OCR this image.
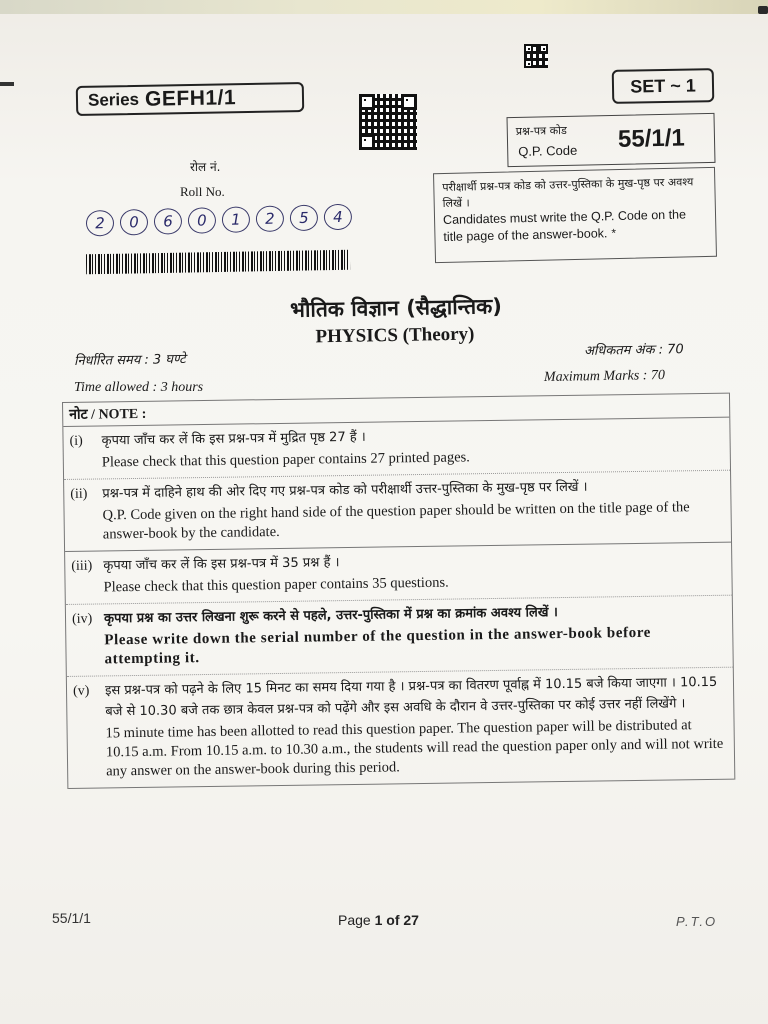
Series GEFH1/1
SET ~ 1
प्रश्न-पत्र कोड
Q.P. Code 55/1/1
परीक्षार्थी प्रश्न-पत्र कोड को उत्तर-पुस्तिका के मुख-पृष्ठ पर अवश्य लिखें ।
Candidates must write the Q.P. Code on the title page of the answer-book. *
रोल नं.
Roll No.
2	0	6	0	1	2	5	4
भौतिक विज्ञान (सैद्धान्तिक)
PHYSICS (Theory)
निर्धारित समय : 3 घण्टे
Time allowed : 3 hours
अधिकतम अंक : 70
Maximum Marks : 70
नोट / NOTE :
(i) कृपया जाँच कर लें कि इस प्रश्न-पत्र में मुद्रित पृष्ठ 27 हैं ।
Please check that this question paper contains 27 printed pages.
(ii) प्रश्न-पत्र में दाहिने हाथ की ओर दिए गए प्रश्न-पत्र कोड को परीक्षार्थी उत्तर-पुस्तिका के मुख-पृष्ठ पर लिखें ।
Q.P. Code given on the right hand side of the question paper should be written on the title page of the answer-book by the candidate.
(iii) कृपया जाँच कर लें कि इस प्रश्न-पत्र में 35 प्रश्न हैं ।
Please check that this question paper contains 35 questions.
(iv) कृपया प्रश्न का उत्तर लिखना शुरू करने से पहले, उत्तर-पुस्तिका में प्रश्न का क्रमांक अवश्य लिखें ।
Please write down the serial number of the question in the answer-book before attempting it.
(v) इस प्रश्न-पत्र को पढ़ने के लिए 15 मिनट का समय दिया गया है । प्रश्न-पत्र का वितरण पूर्वाह्न में 10.15 बजे किया जाएगा । 10.15 बजे से 10.30 बजे तक छात्र केवल प्रश्न-पत्र को पढ़ेंगे और इस अवधि के दौरान वे उत्तर-पुस्तिका पर कोई उत्तर नहीं लिखेंगे ।
15 minute time has been allotted to read this question paper. The question paper will be distributed at 10.15 a.m. From 10.15 a.m. to 10.30 a.m., the students will read the question paper only and will not write any answer on the answer-book during this period.
55/1/1	Page 1 of 27	P.T.O
